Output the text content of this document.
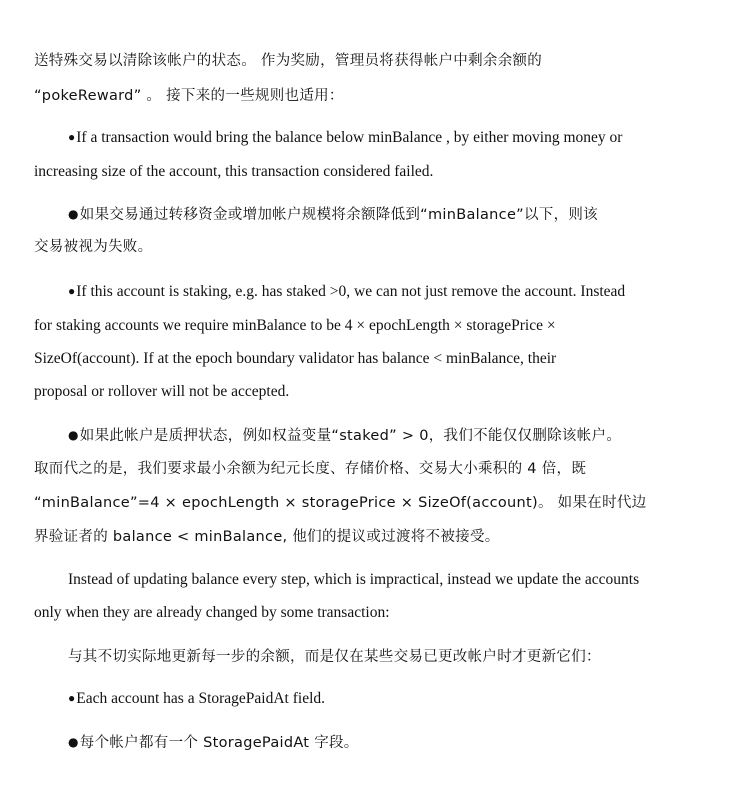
送特殊交易以清除该帐户的状态。 作为奖励，管理员将获得帐户中剩余余额的
“pokeReward” 。 接下来的一些规则也适用：
●If a transaction would bring the balance below minBalance , by either moving money or
increasing size of the account, this transaction considered failed.
●如果交易通过转移资金或增加帐户规模将余额降低到“minBalance”以下，则该
交易被视为失败。
●If this account is staking, e.g. has staked >0, we can not just remove the account. Instead
for staking accounts we require minBalance to be 4 × epochLength × storagePrice ×
SizeOf(account). If at the epoch boundary validator has balance < minBalance, their
proposal or rollover will not be accepted.
●如果此帐户是质押状态，例如权益变量“staked” > 0，我们不能仅仅删除该帐户。
取而代之的是，我们要求最小余额为纪元长度、存储价格、交易大小乘积的 4 倍，既
“minBalance”=4 × epochLength × storagePrice × SizeOf(account)。 如果在时代边
界验证者的 balance < minBalance, 他们的提议或过渡将不被接受。
Instead of updating balance every step, which is impractical, instead we update the accounts
only when they are already changed by some transaction:
与其不切实际地更新每一步的余额，而是仅在某些交易已更改帐户时才更新它们：
●Each account has a StoragePaidAt field.
●每个帐户都有一个 StoragePaidAt 字段。
